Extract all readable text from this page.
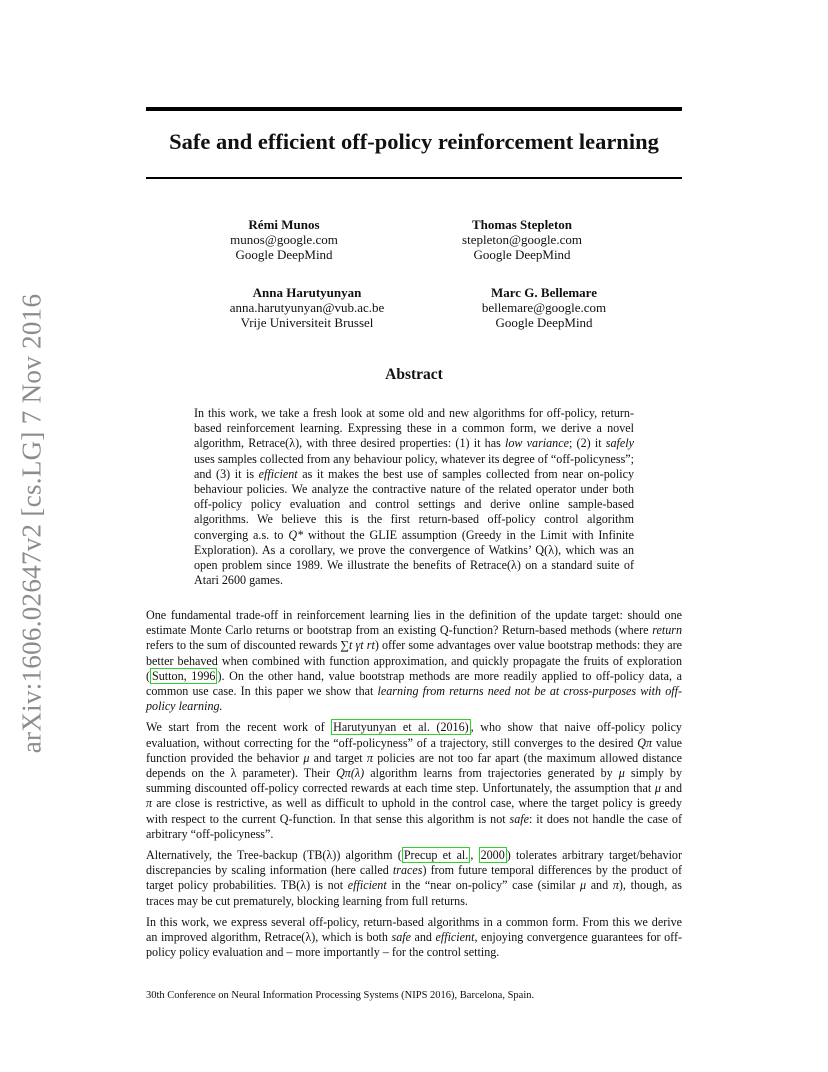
arXiv:1606.02647v2 [cs.LG] 7 Nov 2016
Safe and efficient off-policy reinforcement learning
Rémi Munos
munos@google.com
Google DeepMind
Thomas Stepleton
stepleton@google.com
Google DeepMind
Anna Harutyunyan
anna.harutyunyan@vub.ac.be
Vrije Universiteit Brussel
Marc G. Bellemare
bellemare@google.com
Google DeepMind
Abstract

In this work, we take a fresh look at some old and new algorithms for off-policy, return-based reinforcement learning. Expressing these in a common form, we derive a novel algorithm, Retrace(λ), with three desired properties: (1) it has low variance; (2) it safely uses samples collected from any behaviour policy, whatever its degree of “off-policyness”; and (3) it is efficient as it makes the best use of samples collected from near on-policy behaviour policies. We analyze the contractive nature of the related operator under both off-policy policy evaluation and control settings and derive online sample-based algorithms. We believe this is the first return-based off-policy control algorithm converging a.s. to Q* without the GLIE assumption (Greedy in the Limit with Infinite Exploration). As a corollary, we prove the convergence of Watkins’ Q(λ), which was an open problem since 1989. We illustrate the benefits of Retrace(λ) on a standard suite of Atari 2600 games.

One fundamental trade-off in reinforcement learning lies in the definition of the update target: should one estimate Monte Carlo returns or bootstrap from an existing Q-function? Return-based methods (where return refers to the sum of discounted rewards ∑t γt rt) offer some advantages over value bootstrap methods: they are better behaved when combined with function approximation, and quickly propagate the fruits of exploration ( Sutton, 1996 ). On the other hand, value bootstrap methods are more readily applied to off-policy data, a common use case. In this paper we show that learning from returns need not be at cross-purposes with off-policy learning.

We start from the recent work of Harutyunyan et al. (2016) , who show that naive off-policy policy evaluation, without correcting for the “off-policyness” of a trajectory, still converges to the desired Qπ value function provided the behavior μ and target π policies are not too far apart (the maximum allowed distance depends on the λ parameter). Their Qπ(λ) algorithm learns from trajectories generated by μ simply by summing discounted off-policy corrected rewards at each time step. Unfortunately, the assumption that μ and π are close is restrictive, as well as difficult to uphold in the control case, where the target policy is greedy with respect to the current Q-function. In that sense this algorithm is not safe: it does not handle the case of arbitrary “off-policyness”.

Alternatively, the Tree-backup (TB(λ)) algorithm ( Precup et al. , 2000 ) tolerates arbitrary target/behavior discrepancies by scaling information (here called traces) from future temporal differences by the product of target policy probabilities. TB(λ) is not efficient in the “near on-policy” case (similar μ and π), though, as traces may be cut prematurely, blocking learning from full returns.

In this work, we express several off-policy, return-based algorithms in a common form. From this we derive an improved algorithm, Retrace(λ), which is both safe and efficient, enjoying convergence guarantees for off-policy policy evaluation and – more importantly – for the control setting.

30th Conference on Neural Information Processing Systems (NIPS 2016), Barcelona, Spain.
